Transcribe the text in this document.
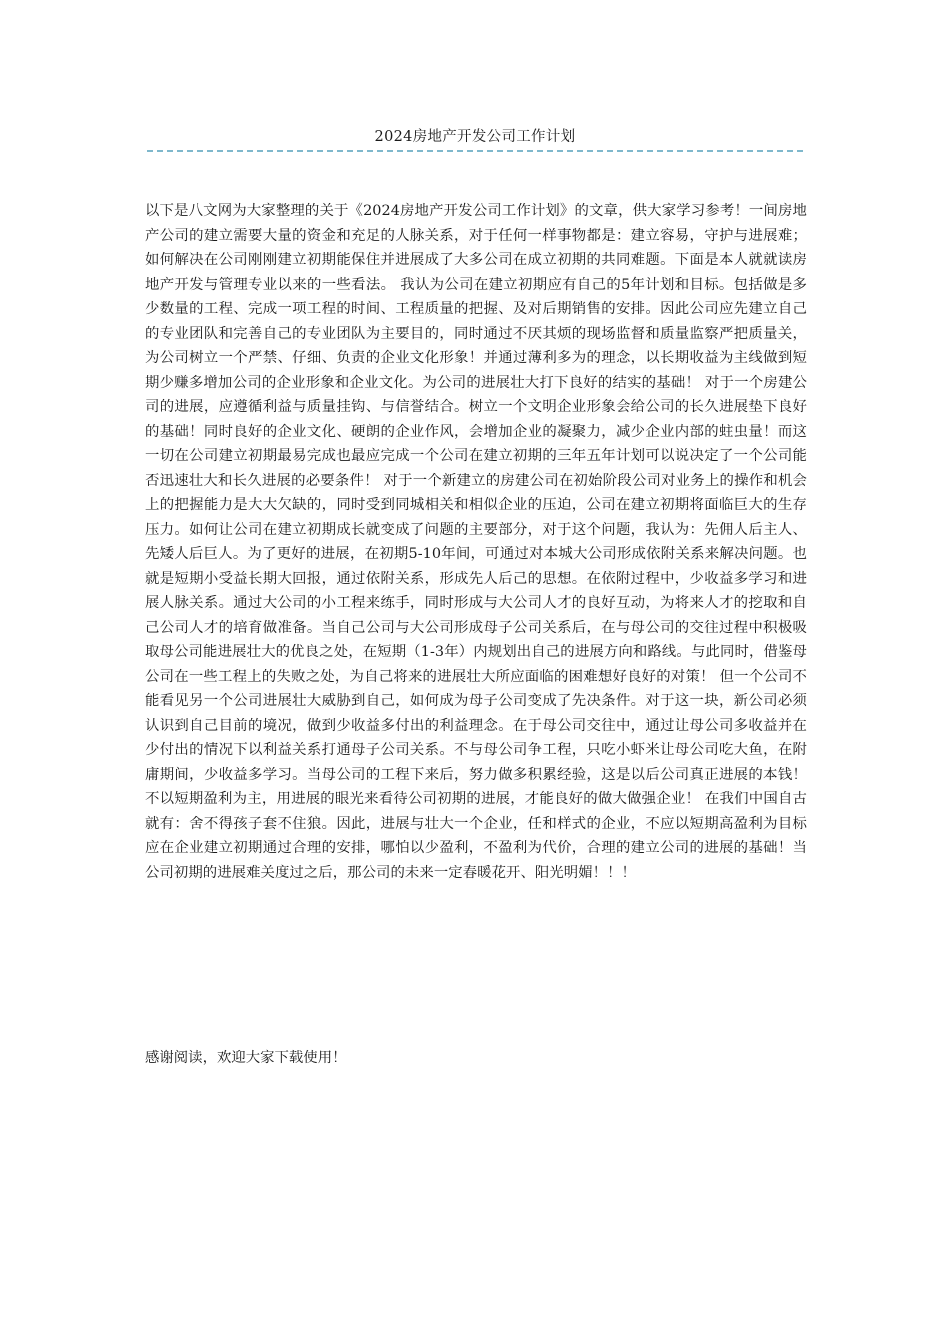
2024房地产开发公司工作计划

以下是八文网为大家整理的关于《2024房地产开发公司工作计划》的文章，供大家学习参考！一间房地产公司的建立需要大量的资金和充足的人脉关系，对于任何一样事物都是：建立容易，守护与进展难；如何解决在公司刚刚建立初期能保住并进展成了大多公司在成立初期的共同难题。下面是本人就就读房地产开发与管理专业以来的一些看法。 我认为公司在建立初期应有自己的5年计划和目标。包括做是多少数量的工程、完成一项工程的时间、工程质量的把握、及对后期销售的安排。因此公司应先建立自己的专业团队和完善自己的专业团队为主要目的，同时通过不厌其烦的现场监督和质量监察严把质量关，为公司树立一个严禁、仔细、负责的企业文化形象！并通过薄利多为的理念，以长期收益为主线做到短期少赚多增加公司的企业形象和企业文化。为公司的进展壮大打下良好的结实的基础！ 对于一个房建公司的进展，应遵循利益与质量挂钩、与信誉结合。树立一个文明企业形象会给公司的长久进展垫下良好的基础！同时良好的企业文化、硬朗的企业作风，会增加企业的凝聚力，减少企业内部的蛀虫量！而这一切在公司建立初期最易完成也最应完成一个公司在建立初期的三年五年计划可以说决定了一个公司能否迅速壮大和长久进展的必要条件！ 对于一个新建立的房建公司在初始阶段公司对业务上的操作和机会上的把握能力是大大欠缺的，同时受到同城相关和相似企业的压迫，公司在建立初期将面临巨大的生存压力。如何让公司在建立初期成长就变成了问题的主要部分，对于这个问题，我认为：先佣人后主人、先矮人后巨人。为了更好的进展，在初期5-10年间，可通过对本城大公司形成依附关系来解决问题。也就是短期小受益长期大回报，通过依附关系，形成先人后己的思想。在依附过程中，少收益多学习和进展人脉关系。通过大公司的小工程来练手，同时形成与大公司人才的良好互动，为将来人才的挖取和自己公司人才的培育做准备。当自己公司与大公司形成母子公司关系后，在与母公司的交往过程中积极吸取母公司能进展壮大的优良之处，在短期（1-3年）内规划出自己的进展方向和路线。与此同时，借鉴母公司在一些工程上的失败之处，为自己将来的进展壮大所应面临的困难想好良好的对策！ 但一个公司不能看见另一个公司进展壮大威胁到自己，如何成为母子公司变成了先决条件。对于这一块，新公司必须认识到自己目前的境况，做到少收益多付出的利益理念。在于母公司交往中，通过让母公司多收益并在少付出的情况下以利益关系打通母子公司关系。不与母公司争工程，只吃小虾米让母公司吃大鱼，在附庸期间，少收益多学习。当母公司的工程下来后，努力做多积累经验，这是以后公司真正进展的本钱！不以短期盈利为主，用进展的眼光来看待公司初期的进展，才能良好的做大做强企业！ 在我们中国自古就有：舍不得孩子套不住狼。因此，进展与壮大一个企业，任和样式的企业，不应以短期高盈利为目标应在企业建立初期通过合理的安排，哪怕以少盈利，不盈利为代价，合理的建立公司的进展的基础！当公司初期的进展难关度过之后，那公司的未来一定春暖花开、阳光明媚！！！

感谢阅读，欢迎大家下载使用！
